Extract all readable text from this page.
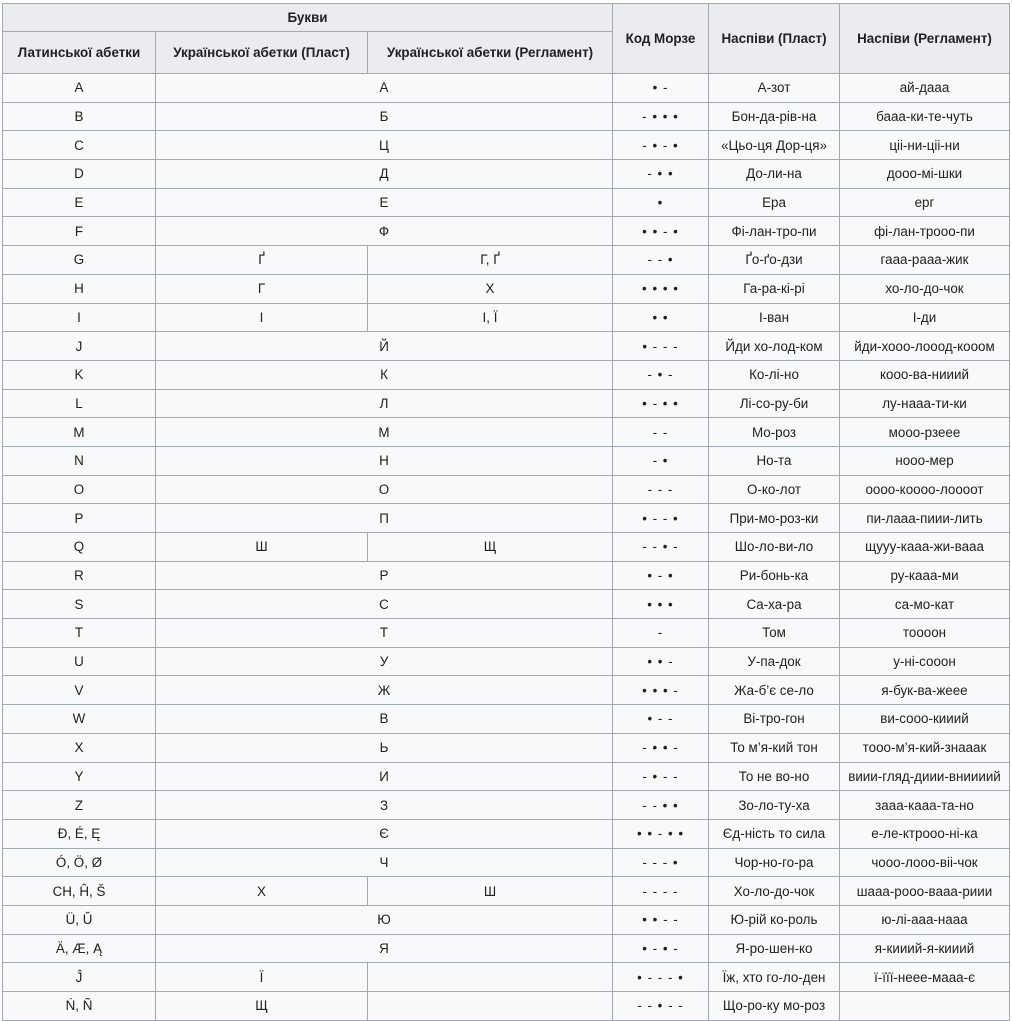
Букви			Код Морзе	Наспіви (Пласт)	Наспіви (Регламент)
Латинської абетки	Української абетки (Пласт)	Української абетки (Регламент)			
A	А		• -	А-зот	ай-дааа
B	Б		- • • •	Бон-да-рів-на	бааа-ки-те-чуть
C	Ц		- • - •	«Цьо-ця Дор-ця»	ціі-ни-ціі-ни
D	Д		- • •	До-ли-на	дооо-мі-шки
E	Е		•	Ера	ерг
F	Ф		• • - •	Фі-лан-тро-пи	фі-лан-трооо-пи
G	Ґ	Г, Ґ	- - •	Ґо-ґо-дзи	гааа-рааа-жик
H	Г	Х	• • • •	Га-ра-кі-рі	хо-ло-до-чок
I	І	І, Ї	• •	І-ван	І-ди
J	Й		• - - -	Йди хо-лод-ком	йди-хооо-лооод-кооом
K	К		- • -	Ко-лі-но	кооо-ва-нииий
L	Л		• - • •	Лі-со-ру-би	лу-нааа-ти-ки
M	М		- -	Мо-роз	мооо-рзеее
N	Н		- •	Но-та	ноoo-мер
O	О		- - -	О-ко-лот	оооо-кооoo-лоооот
P	П		• - - •	При-мо-роз-ки	пи-лааа-пиии-лить
Q	Ш	Щ	- - • -	Шо-ло-ви-ло	щууу-кааа-жи-ваaa
R	Р		• - •	Ри-бонь-ка	ру-кааа-ми
S	С		• • •	Са-ха-ра	са-мо-кат
T	Т		-	Том	тоооон
U	У		• • -	У-па-док	у-ні-сооон
V	Ж		• • • -	Жа-б’є се-ло	я-бук-ва-жеее
W	В		• - -	Ві-тро-гон	ви-сооо-кииий
X	Ь		- • • -	То м’я-кий тон	тооо-м’я-кий-знааак
Y	И		- • - -	То не во-но	виии-гляд-диии-вниииий
Z	З		- - • •	Зо-ло-ту-ха	зааа-кааа-та-но
Ð, É, Ę	Є		• • - • •	Єд-ність то сила	е-ле-ктрооо-ні-ка
Ó, Ö, Ø	Ч		- - - •	Чор-но-го-ра	чооо-лооо-віі-чок
CH, Ĥ, Š	Х	Ш	- - - -	Хо-ло-до-чок	шааа-рооо-вааа-риии
Ü, Ŭ	Ю		• • - -	Ю-рій ко-роль	ю-лі-ааа-нааа
Ä, Æ, Ą	Я		• - • -	Я-ро-шен-ко	я-кииий-я-кииий
Ĵ	Ї		• - - - •	Їж, хто го-ло-ден	ї-їїї-нeeе-мааа-є
Ń, Ñ	Щ		- - • - -	Що-ро-ку мо-роз	
